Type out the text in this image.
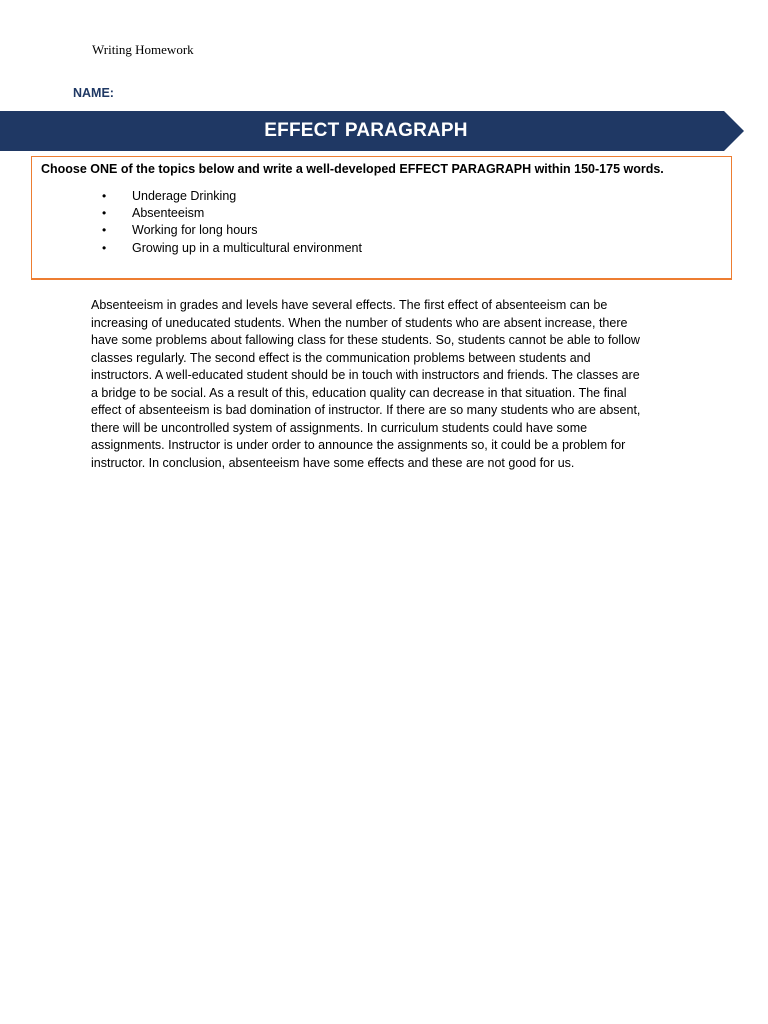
Writing Homework
NAME:
EFFECT PARAGRAPH
Choose ONE of the topics below and write a well-developed EFFECT PARAGRAPH within 150-175 words.
• Underage Drinking
• Absenteeism
• Working for long hours
• Growing up in a multicultural environment
Absenteeism in grades and levels have several effects. The first effect of absenteeism can be
increasing of uneducated students. When the number of students who are absent increase, there
have some problems about fallowing class for these students. So, students cannot be able to follow
classes regularly. The second effect is the communication problems between students and
instructors. A well-educated student should be in touch with instructors and friends. The classes are
a bridge to be social. As a result of this, education quality can decrease in that situation. The final
effect of absenteeism is bad domination of instructor. If there are so many students who are absent,
there will be uncontrolled system of assignments. In curriculum students could have some
assignments. Instructor is under order to announce the assignments so, it could be a problem for
instructor. In conclusion, absenteeism have some effects and these are not good for us.
